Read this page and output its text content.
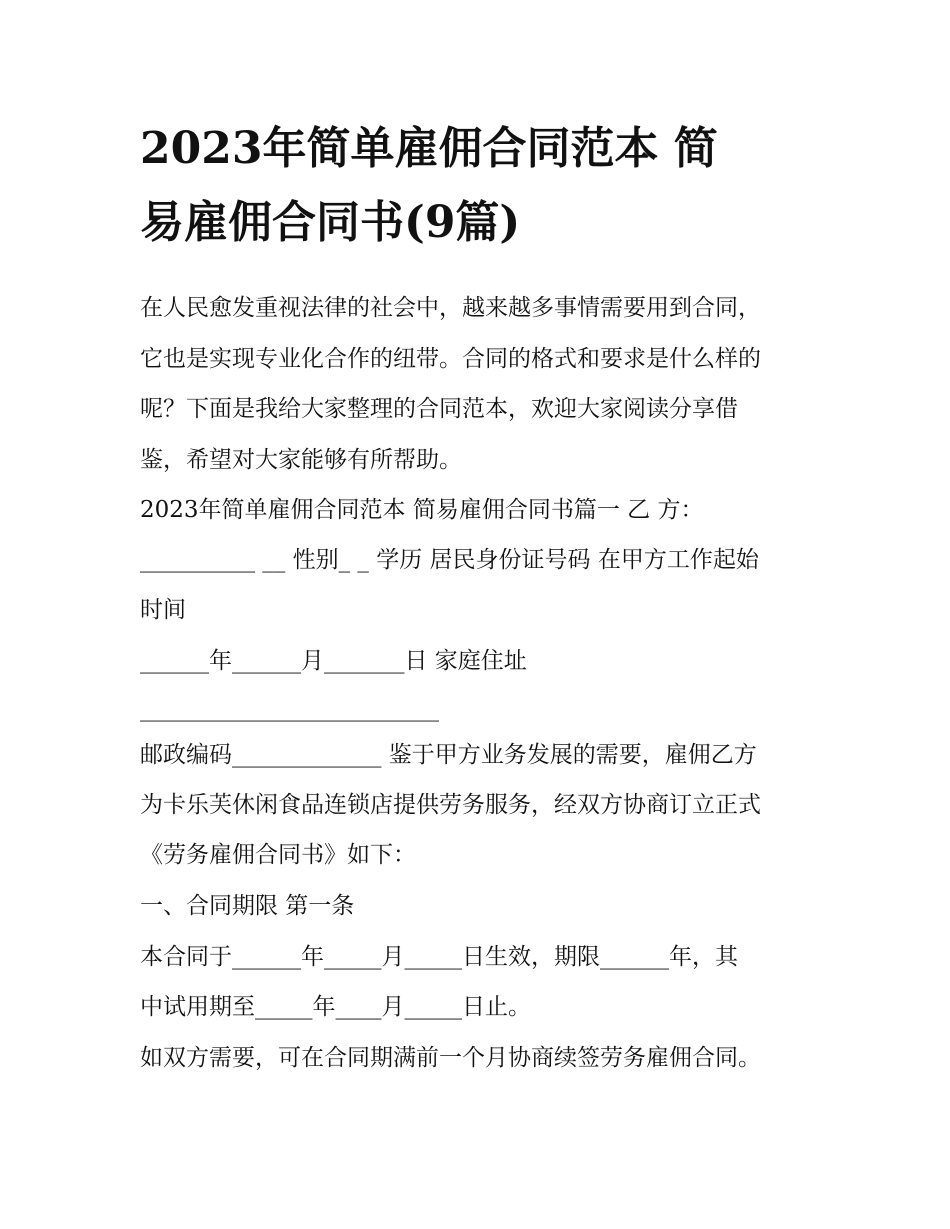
2023年简单雇佣合同范本 简
易雇佣合同书(9篇)
在人民愈发重视法律的社会中，越来越多事情需要用到合同，
它也是实现专业化合作的纽带。合同的格式和要求是什么样的
呢？下面是我给大家整理的合同范本，欢迎大家阅读分享借
鉴，希望对大家能够有所帮助。

2023年简单雇佣合同范本 简易雇佣合同书篇一 乙 方：

__________ __ 性别_ _ 学历 居民身份证号码 在甲方工作起始

时间

______年______月_______日 家庭住址

__________________________

邮政编码_____________ 鉴于甲方业务发展的需要，雇佣乙方

为卡乐芙休闲食品连锁店提供劳务服务，经双方协商订立正式

《劳务雇佣合同书》如下：

一、合同期限 第一条

本合同于______年_____月_____日生效，期限______年，其

中试用期至_____年____月_____日止。

如双方需要，可在合同期满前一个月协商续签劳务雇佣合同。
